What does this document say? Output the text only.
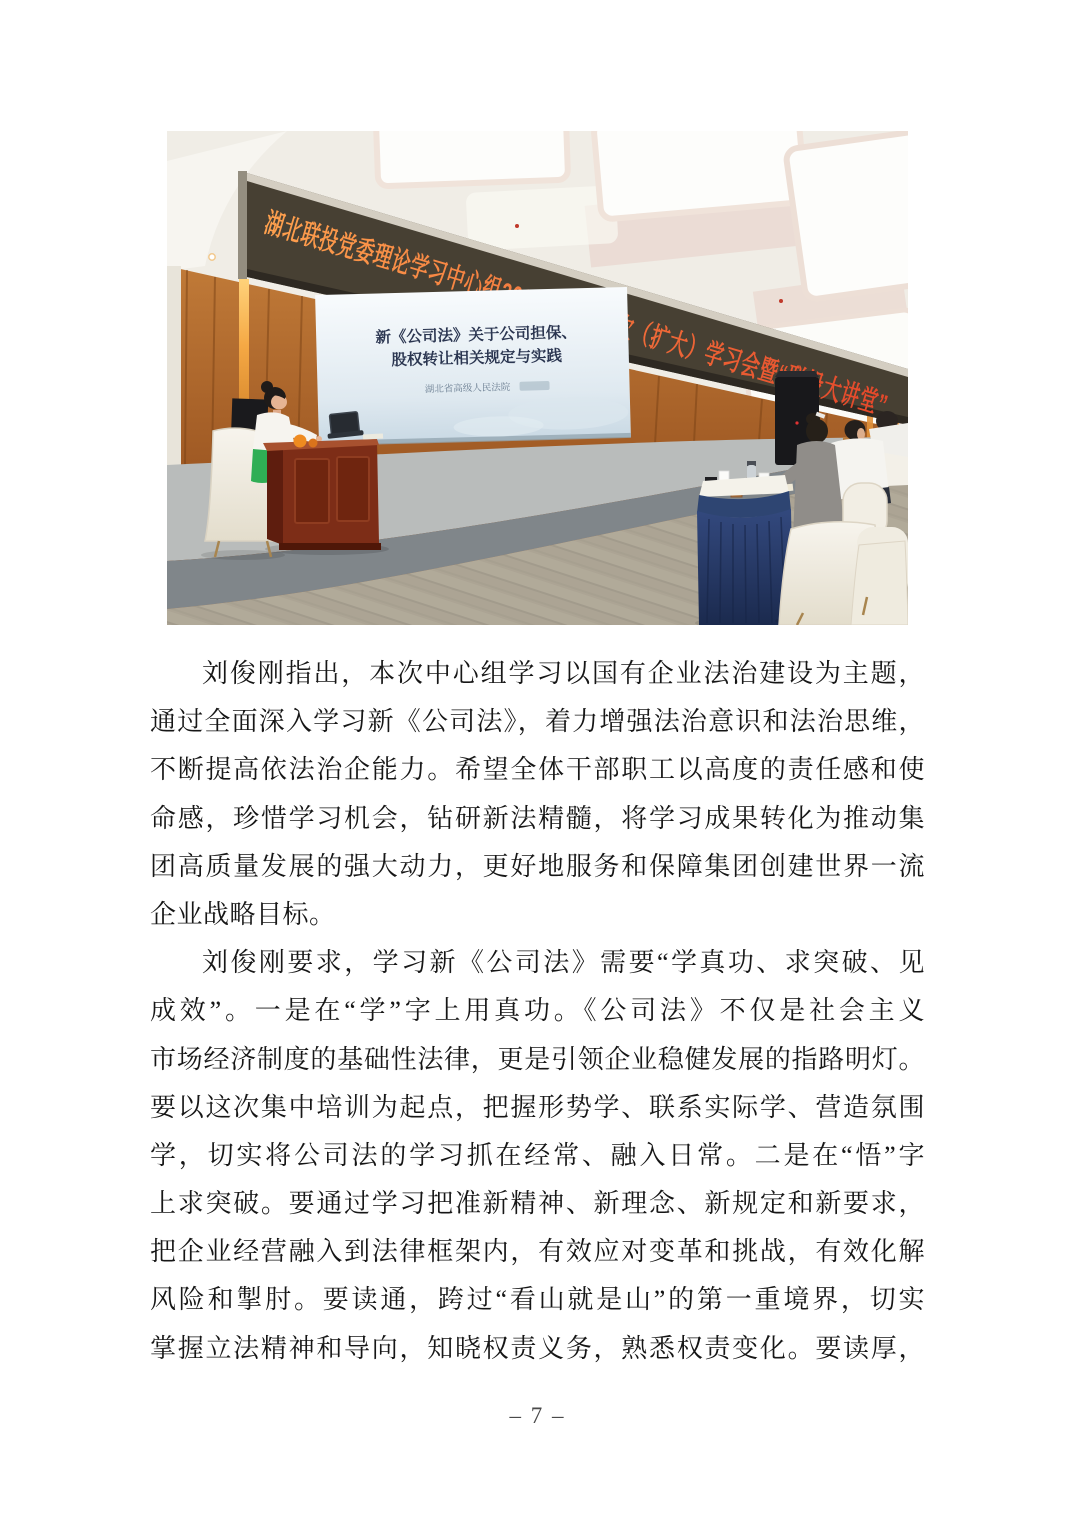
新《公司法》关于公司担保、
股权转让相关规定与实践
湖北省高级人民法院
刘俊刚指出，本次中心组学习以国有企业法治建设为主题，
通过全面深入学习新《公司法》，着力增强法治意识和法治思维，
不断提高依法治企能力。希望全体干部职工以高度的责任感和使
命感，珍惜学习机会，钻研新法精髓，将学习成果转化为推动集
团高质量发展的强大动力，更好地服务和保障集团创建世界一流
企业战略目标。
刘俊刚要求，学习新《公司法》需要“学真功、求突破、见
成效”。一是在“学”字上用真功。《公司法》不仅是社会主义
市场经济制度的基础性法律，更是引领企业稳健发展的指路明灯。
要以这次集中培训为起点，把握形势学、联系实际学、营造氛围
学，切实将公司法的学习抓在经常、融入日常。二是在“悟”字
上求突破。要通过学习把准新精神、新理念、新规定和新要求，
把企业经营融入到法律框架内，有效应对变革和挑战，有效化解
风险和掣肘。要读通，跨过“看山就是山”的第一重境界，切实
掌握立法精神和导向，知晓权责义务，熟悉权责变化。要读厚，
– 7 –
